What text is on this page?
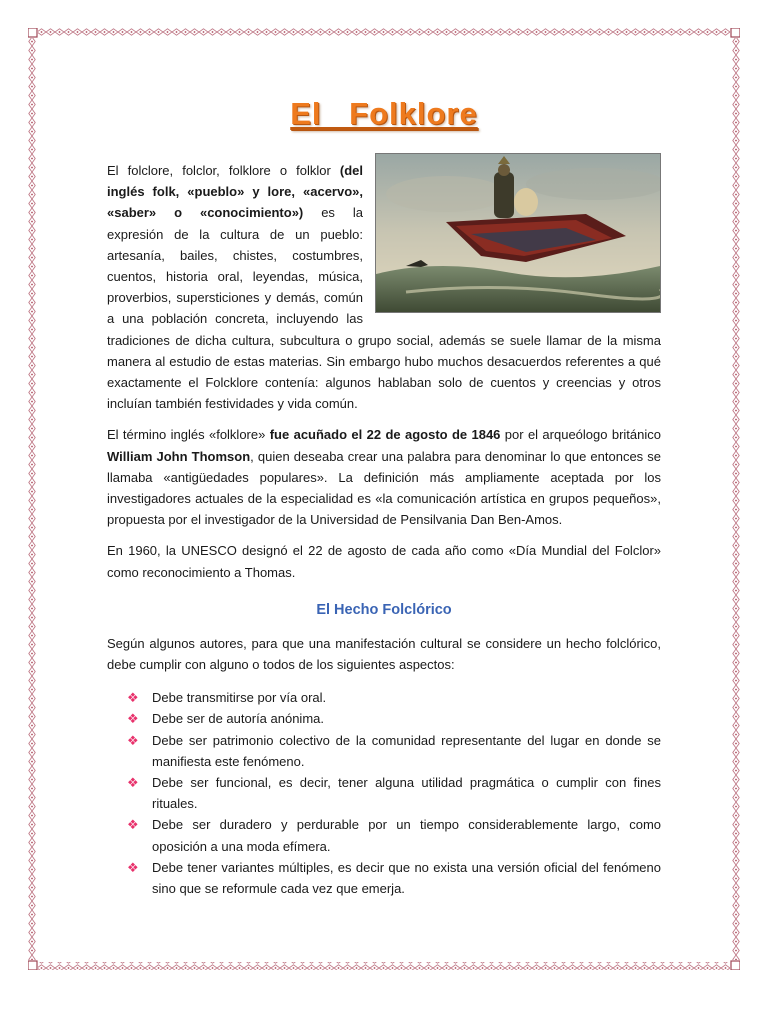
El Folklore

El folclore, folclor, folklore o folklor (del inglés folk, «pueblo» y lore, «acervo», «saber» o «conocimiento») es la expresión de la cultura de un pueblo: artesanía, bailes, chistes, costumbres, cuentos, historia oral, leyendas, música, proverbios, supersticiones y demás, común a una población concreta, incluyendo las tradiciones de dicha cultura, subcultura o grupo social, además se suele llamar de la misma manera al estudio de estas materias. Sin embargo hubo muchos desacuerdos referentes a qué exactamente el Folcklore contenía: algunos hablaban solo de cuentos y creencias y otros incluían también festividades y vida común.

El término inglés «folklore» fue acuñado el 22 de agosto de 1846 por el arqueólogo británico William John Thomson, quien deseaba crear una palabra para denominar lo que entonces se llamaba «antigüedades populares». La definición más ampliamente aceptada por los investigadores actuales de la especialidad es «la comunicación artística en grupos pequeños», propuesta por el investigador de la Universidad de Pensilvania Dan Ben-Amos.

En 1960, la UNESCO designó el 22 de agosto de cada año como «Día Mundial del Folclor» como reconocimiento a Thomas.

El Hecho Folclórico

Según algunos autores, para que una manifestación cultural se considere un hecho folclórico, debe cumplir con alguno o todos de los siguientes aspectos:

❖ Debe transmitirse por vía oral.
❖ Debe ser de autoría anónima.
❖ Debe ser patrimonio colectivo de la comunidad representante del lugar en donde se manifiesta este fenómeno.
❖ Debe ser funcional, es decir, tener alguna utilidad pragmática o cumplir con fines rituales.
❖ Debe ser duradero y perdurable por un tiempo considerablemente largo, como oposición a una moda efímera.
❖ Debe tener variantes múltiples, es decir que no exista una versión oficial del fenómeno sino que se reformule cada vez que emerja.
